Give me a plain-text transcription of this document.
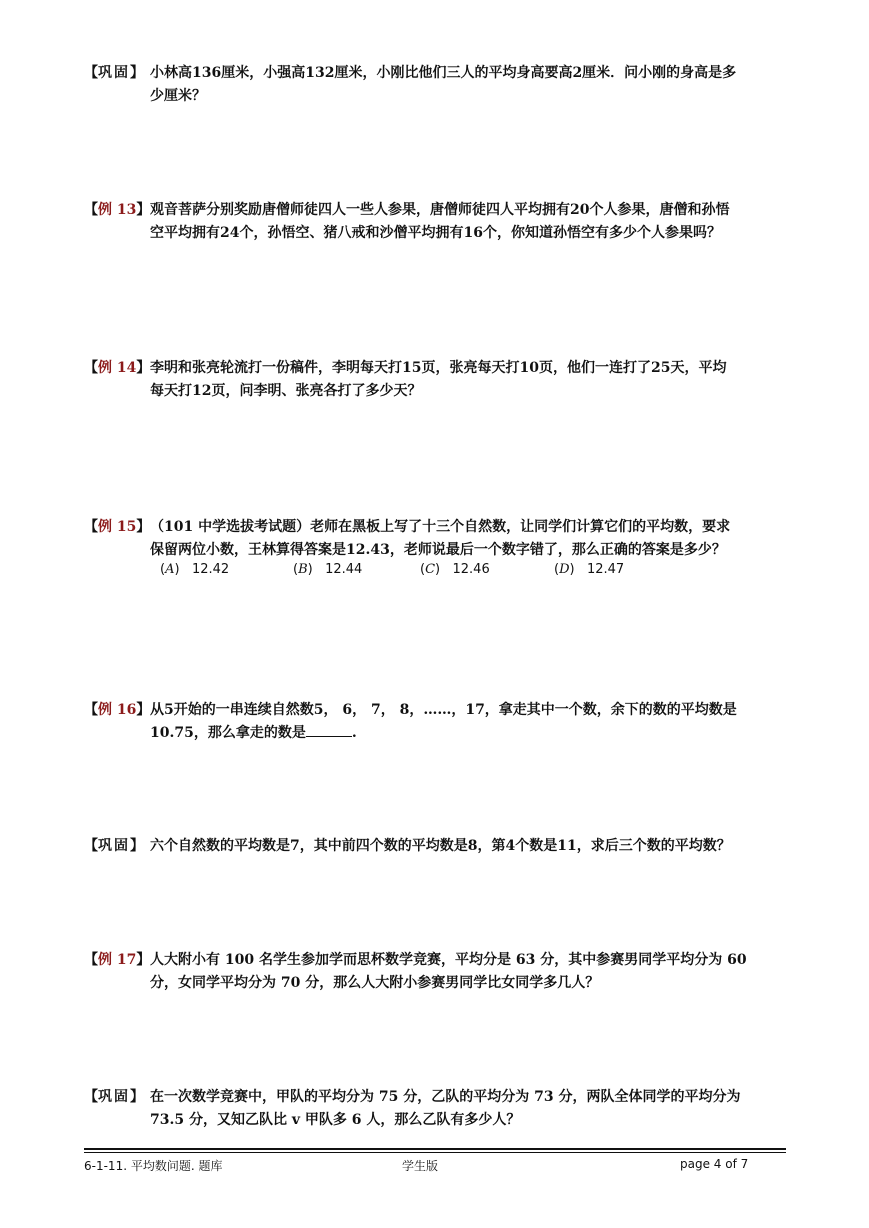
【巩固】 小林高136厘米，小强高132厘米，小刚比他们三人的平均身高要高2厘米．问小刚的身高是多
少厘米？
【例 13】 观音菩萨分别奖励唐僧师徒四人一些人参果，唐僧师徒四人平均拥有20个人参果，唐僧和孙悟
空平均拥有24个，孙悟空、猪八戒和沙僧平均拥有16个，你知道孙悟空有多少个人参果吗？
【例 14】 李明和张亮轮流打一份稿件，李明每天打15页，张亮每天打10页，他们一连打了25天，平均
每天打12页，问李明、张亮各打了多少天？
【例 15】 （101 中学选拔考试题）老师在黑板上写了十三个自然数，让同学们计算它们的平均数，要求
保留两位小数，王林算得答案是12.43，老师说最后一个数字错了，那么正确的答案是多少？
(A)   12.42	(B)   12.44	(C)   12.46	(D)   12.47
【例 16】 从5开始的一串连续自然数5， 6， 7， 8，……，17，拿走其中一个数，余下的数的平均数是
10.75，那么拿走的数是	.
【巩固】 六个自然数的平均数是7，其中前四个数的平均数是8，第4个数是11，求后三个数的平均数？
【例 17】 人大附小有 100 名学生参加学而思杯数学竞赛，平均分是 63 分，其中参赛男同学平均分为 60
分，女同学平均分为 70 分，那么人大附小参赛男同学比女同学多几人？
【巩固】 在一次数学竞赛中，甲队的平均分为 75 分，乙队的平均分为 73 分，两队全体同学的平均分为
73.5 分，又知乙队比 v 甲队多 6 人，那么乙队有多少人？
6-1-11. 平均数问题. 题库	学生版	page 4 of 7
